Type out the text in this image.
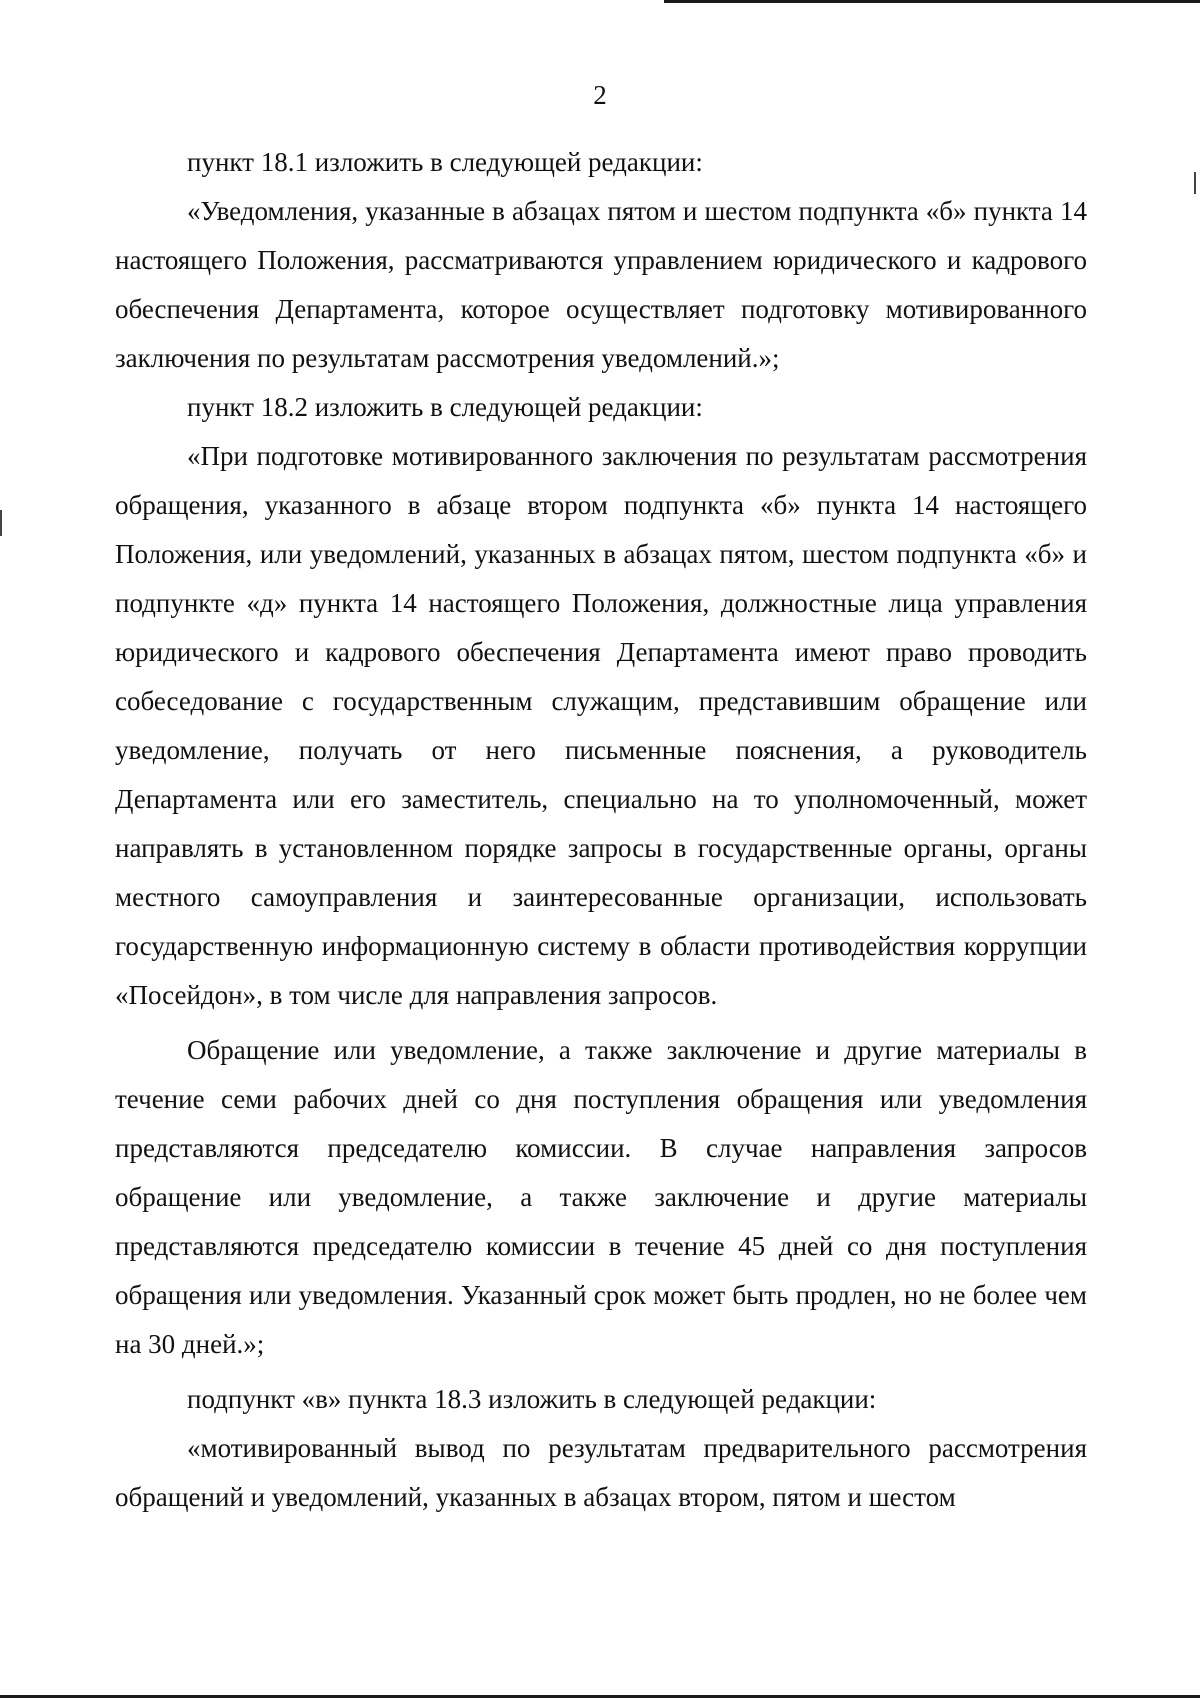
2

пункт 18.1 изложить в следующей редакции:

«Уведомления, указанные в абзацах пятом и шестом подпункта «б» пункта 14 настоящего Положения, рассматриваются управлением юридического и кадрового обеспечения Департамента, которое осуществляет подготовку мотивированного заключения по результатам рассмотрения уведомлений.»;

пункт 18.2 изложить в следующей редакции:

«При подготовке мотивированного заключения по результатам рассмотрения обращения, указанного в абзаце втором подпункта «б» пункта 14 настоящего Положения, или уведомлений, указанных в абзацах пятом, шестом подпункта «б» и подпункте «д» пункта 14 настоящего Положения, должностные лица управления юридического и кадрового обеспечения Департамента имеют право проводить собеседование с государственным служащим, представившим обращение или уведомление, получать от него письменные пояснения, а руководитель Департамента или его заместитель, специально на то уполномоченный, может направлять в установленном порядке запросы в государственные органы, органы местного самоуправления и заинтересованные организации, использовать государственную информационную систему в области противодействия коррупции «Посейдон», в том числе для направления запросов.

Обращение или уведомление, а также заключение и другие материалы в течение семи рабочих дней со дня поступления обращения или уведомления представляются председателю комиссии. В случае направления запросов обращение или уведомление, а также заключение и другие материалы представляются председателю комиссии в течение 45 дней со дня поступления обращения или уведомления. Указанный срок может быть продлен, но не более чем на 30 дней.»;

подпункт «в» пункта 18.3 изложить в следующей редакции:

«мотивированный вывод по результатам предварительного рассмотрения обращений и уведомлений, указанных в абзацах втором, пятом и шестом
